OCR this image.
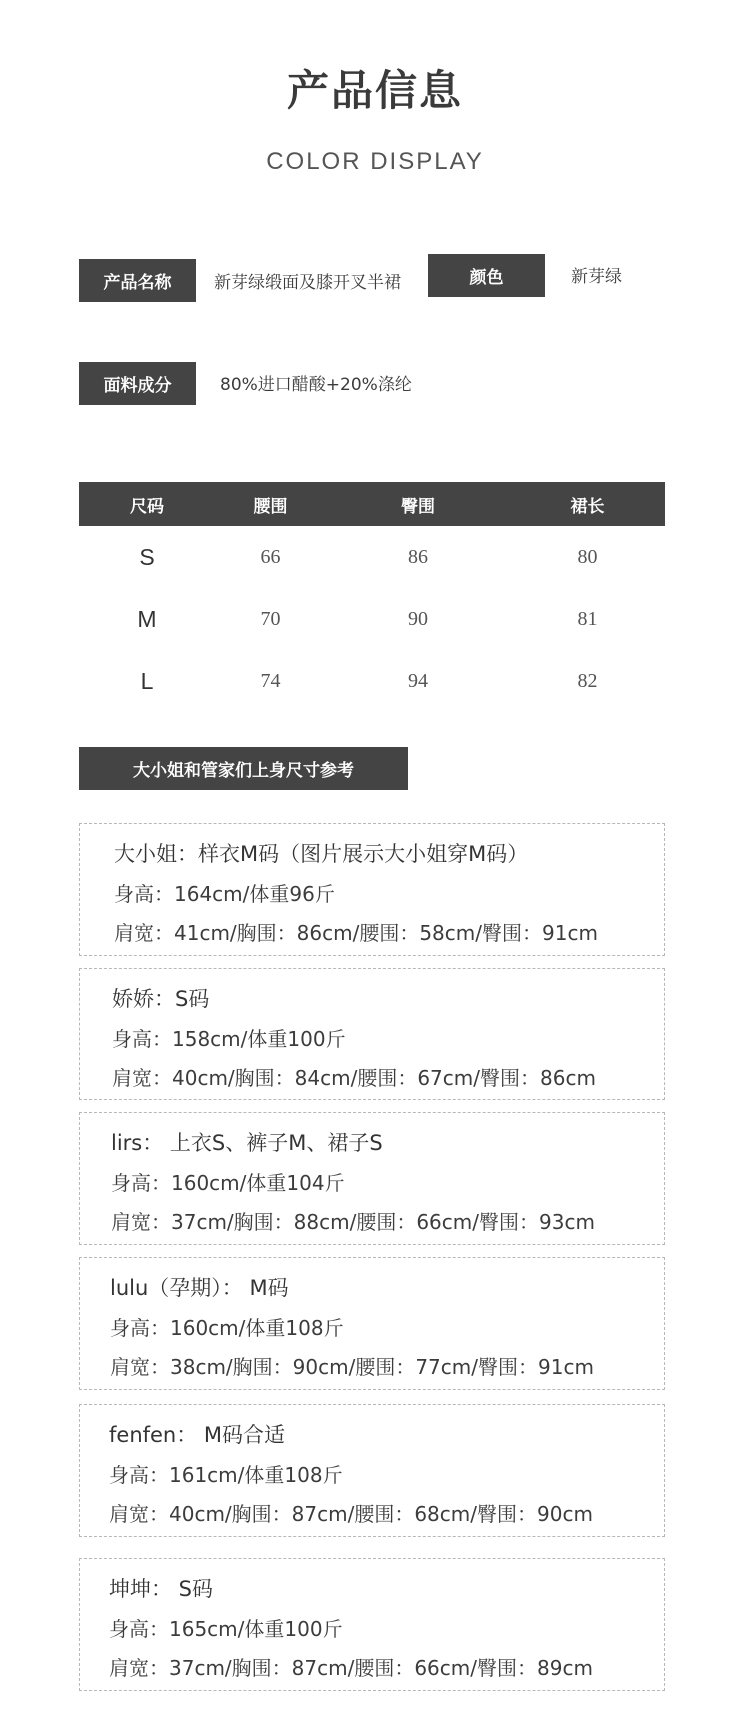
产品信息
COLOR DISPLAY
产品名称	新芽绿缎面及膝开叉半裙	颜色	新芽绿
面料成分	80%进口醋酸+20%涤纶
尺码	腰围	臀围	裙长
S	66	86	80
M	70	90	81
L	74	94	82
大小姐和管家们上身尺寸参考
大小姐：样衣M码（图片展示大小姐穿M码）
身高：164cm/体重96斤
肩宽：41cm/胸围：86cm/腰围：58cm/臀围：91cm
娇娇：S码
身高：158cm/体重100斤
肩宽：40cm/胸围：84cm/腰围：67cm/臀围：86cm
lirs： 上衣S、裤子M、裙子S
身高：160cm/体重104斤
肩宽：37cm/胸围：88cm/腰围：66cm/臀围：93cm
lulu（孕期）： M码
身高：160cm/体重108斤
肩宽：38cm/胸围：90cm/腰围：77cm/臀围：91cm
fenfen： M码合适
身高：161cm/体重108斤
肩宽：40cm/胸围：87cm/腰围：68cm/臀围：90cm
坤坤： S码
身高：165cm/体重100斤
肩宽：37cm/胸围：87cm/腰围：66cm/臀围：89cm
